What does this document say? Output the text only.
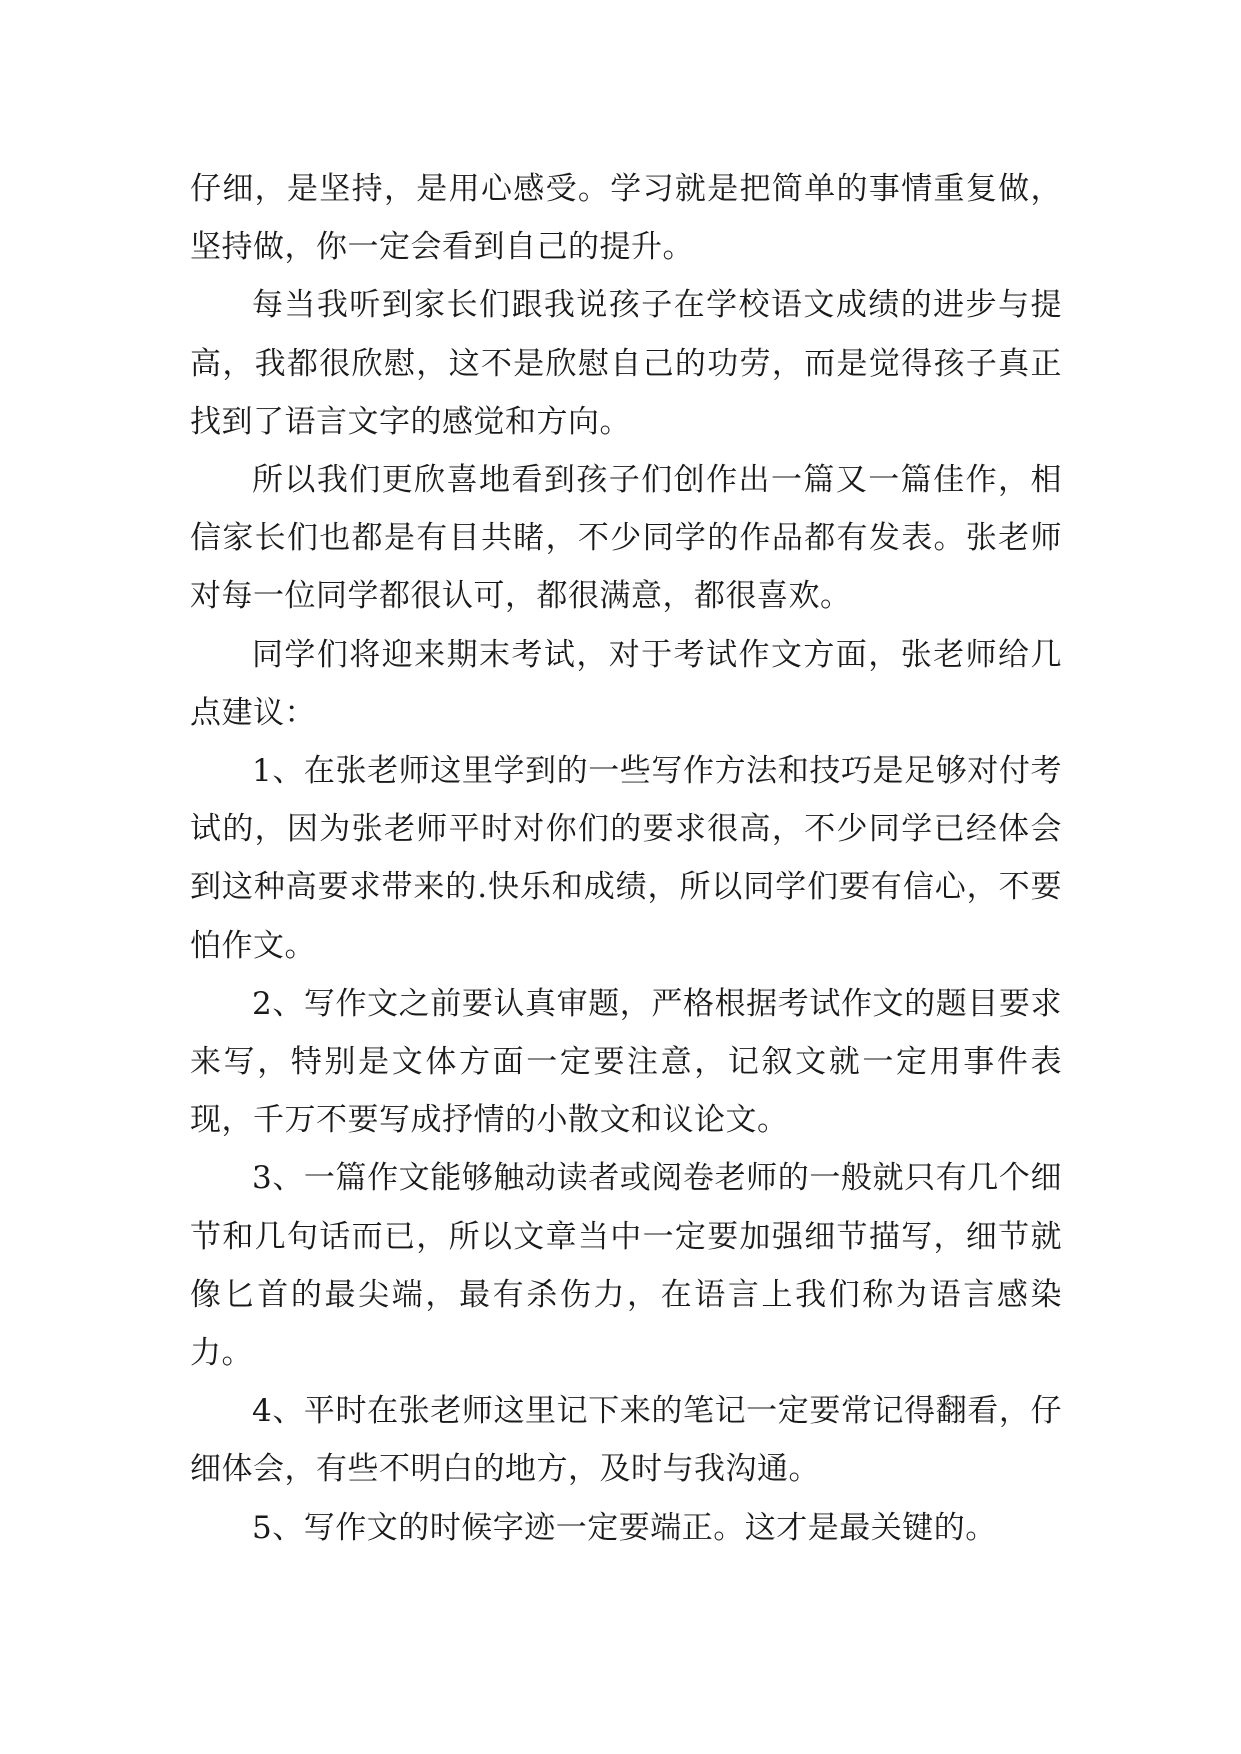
仔细，是坚持，是用心感受。学习就是把简单的事情重复做，坚持做，你一定会看到自己的提升。

每当我听到家长们跟我说孩子在学校语文成绩的进步与提高，我都很欣慰，这不是欣慰自己的功劳，而是觉得孩子真正找到了语言文字的感觉和方向。

所以我们更欣喜地看到孩子们创作出一篇又一篇佳作，相信家长们也都是有目共睹，不少同学的作品都有发表。张老师对每一位同学都很认可，都很满意，都很喜欢。

同学们将迎来期末考试，对于考试作文方面，张老师给几点建议：

1、在张老师这里学到的一些写作方法和技巧是足够对付考试的，因为张老师平时对你们的要求很高，不少同学已经体会到这种高要求带来的.快乐和成绩，所以同学们要有信心，不要怕作文。

2、写作文之前要认真审题，严格根据考试作文的题目要求来写，特别是文体方面一定要注意，记叙文就一定用事件表现，千万不要写成抒情的小散文和议论文。

3、一篇作文能够触动读者或阅卷老师的一般就只有几个细节和几句话而已，所以文章当中一定要加强细节描写，细节就像匕首的最尖端，最有杀伤力，在语言上我们称为语言感染力。

4、平时在张老师这里记下来的笔记一定要常记得翻看，仔细体会，有些不明白的地方，及时与我沟通。

5、写作文的时候字迹一定要端正。这才是最关键的。
